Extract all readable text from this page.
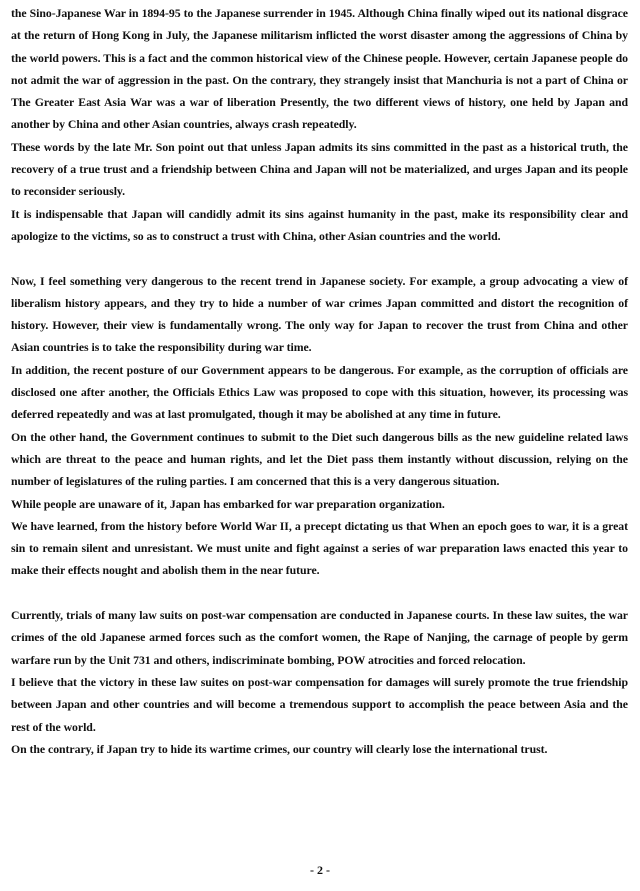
the Sino-Japanese War in 1894-95 to the Japanese surrender in 1945. Although China finally wiped out its national disgrace at the return of Hong Kong in July, the Japanese militarism inflicted the worst disaster among the aggressions of China by the world powers. This is a fact and the common historical view of the Chinese people. However, certain Japanese people do not admit the war of aggression in the past. On the contrary, they strangely insist that Manchuria is not a part of China or The Greater East Asia War was a war of liberation Presently, the two different views of history, one held by Japan and another by China and other Asian countries, always crash repeatedly.

These words by the late Mr. Son point out that unless Japan admits its sins committed in the past as a historical truth, the recovery of a true trust and a friendship between China and Japan will not be materialized, and urges Japan and its people to reconsider seriously.

It is indispensable that Japan will candidly admit its sins against humanity in the past, make its responsibility clear and apologize to the victims, so as to construct a trust with China, other Asian countries and the world.

Now, I feel something very dangerous to the recent trend in Japanese society. For example, a group advocating a view of liberalism history appears, and they try to hide a number of war crimes Japan committed and distort the recognition of history. However, their view is fundamentally wrong. The only way for Japan to recover the trust from China and other Asian countries is to take the responsibility during war time.

In addition, the recent posture of our Government appears to be dangerous. For example, as the corruption of officials are disclosed one after another, the Officials Ethics Law was proposed to cope with this situation, however, its processing was deferred repeatedly and was at last promulgated, though it may be abolished at any time in future.

On the other hand, the Government continues to submit to the Diet such dangerous bills as the new guideline related laws which are threat to the peace and human rights, and let the Diet pass them instantly without discussion, relying on the number of legislatures of the ruling parties. I am concerned that this is a very dangerous situation.

While people are unaware of it, Japan has embarked for war preparation organization.

We have learned, from the history before World War II, a precept dictating us that When an epoch goes to war, it is a great sin to remain silent and unresistant. We must unite and fight against a series of war preparation laws enacted this year to make their effects nought and abolish them in the near future.

Currently, trials of many law suits on post-war compensation are conducted in Japanese courts. In these law suites, the war crimes of the old Japanese armed forces such as the comfort women, the Rape of Nanjing, the carnage of people by germ warfare run by the Unit 731 and others, indiscriminate bombing, POW atrocities and forced relocation.

I believe that the victory in these law suites on post-war compensation for damages will surely promote the true friendship between Japan and other countries and will become a tremendous support to accomplish the peace between Asia and the rest of the world.

On the contrary, if Japan try to hide its wartime crimes, our country will clearly lose the international trust.

- 2 -
